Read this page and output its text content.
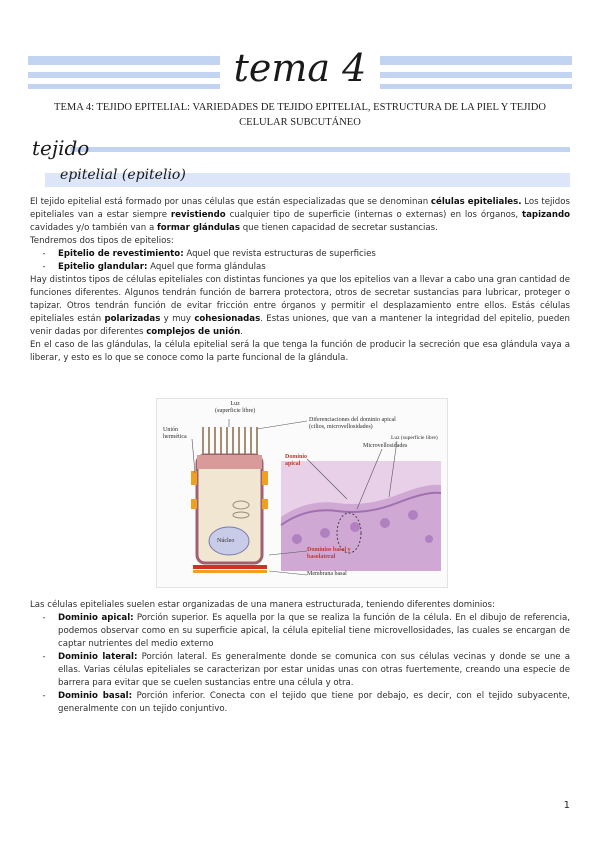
tema 4
TEMA 4: TEJIDO EPITELIAL: VARIEDADES DE TEJIDO EPITELIAL, ESTRUCTURA DE LA PIEL Y TEJIDO CELULAR SUBCUTÁNEO
tejido
epitelial (epitelio)

El tejido epitelial está formado por unas células que están especializadas que se denominan células epiteliales. Los tejidos epiteliales van a estar siempre revistiendo cualquier tipo de superficie (internas o externas) en los órganos, tapizando cavidades y/o también van a formar glándulas que tienen capacidad de secretar sustancias.

Tendremos dos tipos de epitelios:

-	Epitelio de revestimiento: Aquel que revista estructuras de superficies
-	Epitelio glandular: Aquel que forma glándulas

Hay distintos tipos de células epiteliales con distintas funciones ya que los epitelios van a llevar a cabo una gran cantidad de funciones diferentes. Algunos tendrán función de barrera protectora, otros de secretar sustancias para lubricar, proteger o tapizar. Otros tendrán función de evitar fricción entre órganos y permitir el desplazamiento entre ellos. Estás células epiteliales están polarizadas y muy cohesionadas. Estas uniones, que van a mantener la integridad del epitelio, pueden venir dadas por diferentes complejos de unión.

En el caso de las glándulas, la célula epitelial será la que tenga la función de producir la secreción que esa glándula vaya a liberar, y esto es lo que se conoce como la parte funcional de la glándula.

Luz
(superficie libre)
Unión
hermética
Diferenciaciones del dominio apical
(cilios, microvellosidades)
Dominio
apical
Microvellosidades
Luz (superficie libre)
Núcleo
Dominios basal y
basolateral
Membrana basal

Las células epiteliales suelen estar organizadas de una manera estructurada, teniendo diferentes dominios:

-	Dominio apical: Porción superior. Es aquella por la que se realiza la función de la célula. En el dibujo de referencia, podemos observar como en su superficie apical, la célula epitelial tiene microvellosidades, las cuales se encargan de captar nutrientes del medio externo
-	Dominio lateral: Porción lateral. Es generalmente donde se comunica con sus células vecinas y donde se une a ellas. Varias células epiteliales se caracterizan por estar unidas unas con otras fuertemente, creando una especie de barrera para evitar que se cuelen sustancias entre una célula y otra.
-	Dominio basal: Porción inferior. Conecta con el tejido que tiene por debajo, es decir, con el tejido subyacente, generalmente con un tejido conjuntivo.
1
